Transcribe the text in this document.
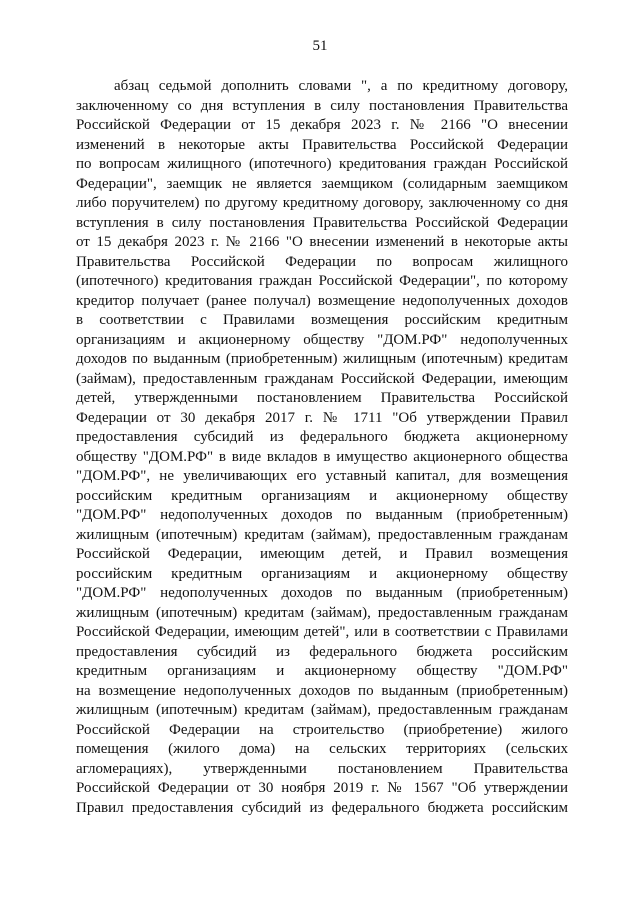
51
абзац седьмой дополнить словами ", а по кредитному договору,
заключенному со дня вступления в силу постановления Правительства
Российской Федерации от 15 декабря 2023 г. № 2166 "О внесении
изменений в некоторые акты Правительства Российской Федерации
по вопросам жилищного (ипотечного) кредитования граждан Российской
Федерации", заемщик не является заемщиком (солидарным заемщиком
либо поручителем) по другому кредитному договору, заключенному со дня
вступления в силу постановления Правительства Российской Федерации
от 15 декабря 2023 г. № 2166 "О внесении изменений в некоторые акты
Правительства Российской Федерации по вопросам жилищного
(ипотечного) кредитования граждан Российской Федерации", по которому
кредитор получает (ранее получал) возмещение недополученных доходов
в соответствии с Правилами возмещения российским кредитным
организациям и акционерному обществу "ДОМ.РФ" недополученных
доходов по выданным (приобретенным) жилищным (ипотечным) кредитам
(займам), предоставленным гражданам Российской Федерации, имеющим
детей, утвержденными постановлением Правительства Российской
Федерации от 30 декабря 2017 г. № 1711 "Об утверждении Правил
предоставления субсидий из федерального бюджета акционерному
обществу "ДОМ.РФ" в виде вкладов в имущество акционерного общества
"ДОМ.РФ", не увеличивающих его уставный капитал, для возмещения
российским кредитным организациям и акционерному обществу
"ДОМ.РФ" недополученных доходов по выданным (приобретенным)
жилищным (ипотечным) кредитам (займам), предоставленным гражданам
Российской Федерации, имеющим детей, и Правил возмещения
российским кредитным организациям и акционерному обществу
"ДОМ.РФ" недополученных доходов по выданным (приобретенным)
жилищным (ипотечным) кредитам (займам), предоставленным гражданам
Российской Федерации, имеющим детей", или в соответствии с Правилами
предоставления субсидий из федерального бюджета российским
кредитным организациям и акционерному обществу "ДОМ.РФ"
на возмещение недополученных доходов по выданным (приобретенным)
жилищным (ипотечным) кредитам (займам), предоставленным гражданам
Российской Федерации на строительство (приобретение) жилого
помещения (жилого дома) на сельских территориях (сельских
агломерациях), утвержденными постановлением Правительства
Российской Федерации от 30 ноября 2019 г. № 1567 "Об утверждении
Правил предоставления субсидий из федерального бюджета российским
